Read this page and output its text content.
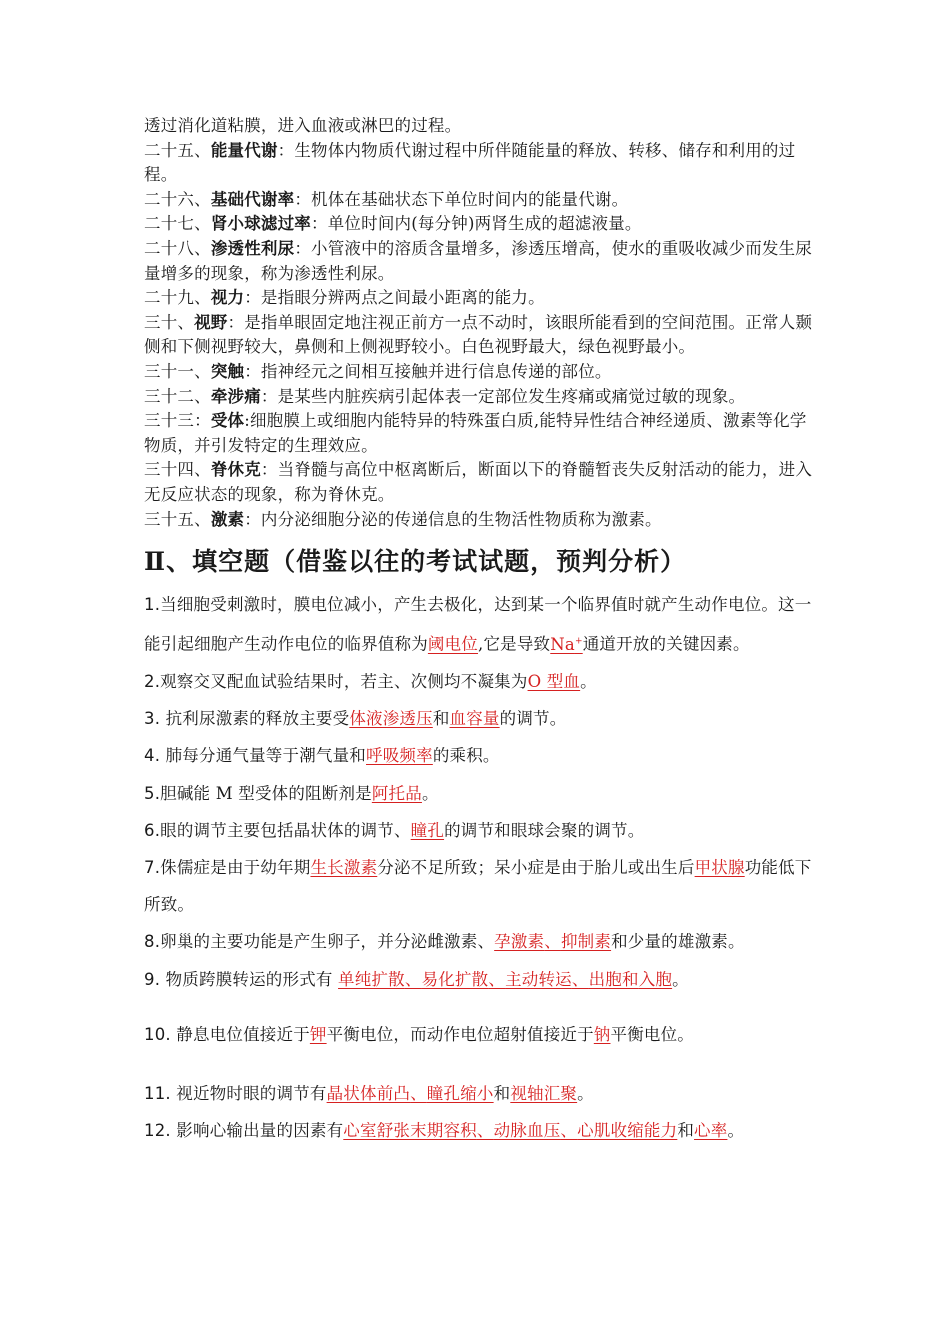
透过消化道粘膜，进入血液或淋巴的过程。

二十五、能量代谢：生物体内物质代谢过程中所伴随能量的释放、转移、储存和利用的过程。

二十六、基础代谢率：机体在基础状态下单位时间内的能量代谢。

二十七、肾小球滤过率：单位时间内(每分钟)两肾生成的超滤液量。

二十八、渗透性利尿：小管液中的溶质含量增多，渗透压增高，使水的重吸收减少而发生尿量增多的现象，称为渗透性利尿。

二十九、视力：是指眼分辨两点之间最小距离的能力。

三十、视野：是指单眼固定地注视正前方一点不动时，该眼所能看到的空间范围。正常人颞侧和下侧视野较大，鼻侧和上侧视野较小。白色视野最大，绿色视野最小。

三十一、突触：指神经元之间相互接触并进行信息传递的部位。

三十二、牵涉痛：是某些内脏疾病引起体表一定部位发生疼痛或痛觉过敏的现象。

三十三：受体:细胞膜上或细胞内能特异的特殊蛋白质,能特异性结合神经递质、激素等化学物质，并引发特定的生理效应。

三十四、脊休克：当脊髓与高位中枢离断后，断面以下的脊髓暂丧失反射活动的能力，进入无反应状态的现象，称为脊休克。

三十五、激素：内分泌细胞分泌的传递信息的生物活性物质称为激素。

Ⅱ、填空题（借鉴以往的考试试题，预判分析）

1.当细胞受刺激时，膜电位减小，产生去极化，达到某一个临界值时就产生动作电位。这一能引起细胞产生动作电位的临界值称为阈电位,它是导致Na+通道开放的关键因素。

2.观察交叉配血试验结果时，若主、次侧均不凝集为O 型血。

3. 抗利尿激素的释放主要受体液渗透压和血容量的调节。

4. 肺每分通气量等于潮气量和呼吸频率的乘积。

5.胆碱能 M 型受体的阻断剂是阿托品。

6.眼的调节主要包括晶状体的调节、瞳孔的调节和眼球会聚的调节。

7.侏儒症是由于幼年期生长激素分泌不足所致；呆小症是由于胎儿或出生后甲状腺功能低下所致。

8.卵巢的主要功能是产生卵子，并分泌雌激素、孕激素、抑制素和少量的雄激素。

9. 物质跨膜转运的形式有 单纯扩散、易化扩散、主动转运、出胞和入胞。

10. 静息电位值接近于钾平衡电位，而动作电位超射值接近于钠平衡电位。

11. 视近物时眼的调节有晶状体前凸、瞳孔缩小和视轴汇聚。

12. 影响心输出量的因素有心室舒张末期容积、动脉血压、心肌收缩能力和心率。
